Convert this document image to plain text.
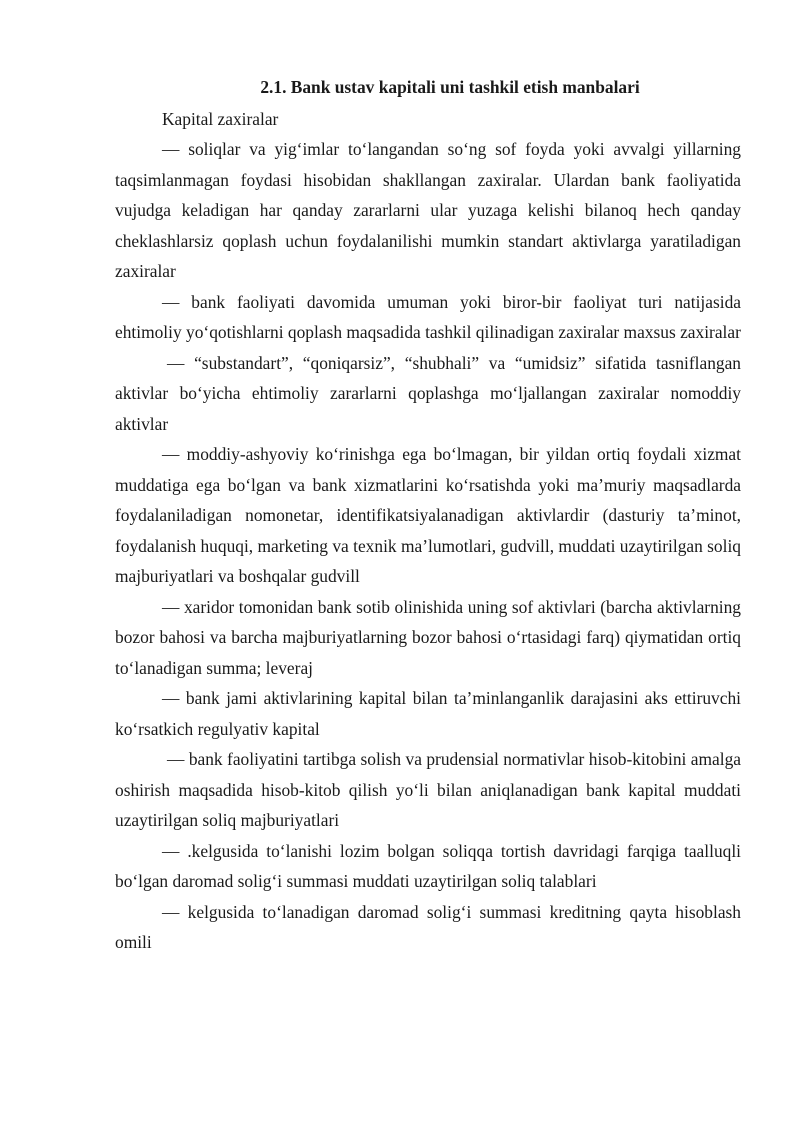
2.1. Bank ustav kapitali uni tashkil etish manbalari

Kapital zaxiralar

— soliqlar va yig‘imlar to‘langandan so‘ng sof foyda yoki avvalgi yillarning taqsimlanmagan foydasi hisobidan shakllangan zaxiralar. Ulardan bank faoliyatida vujudga keladigan har qanday zararlarni ular yuzaga kelishi bilanoq hech qanday cheklashlarsiz qoplash uchun foydalanilishi mumkin standart aktivlarga yaratiladigan zaxiralar

— bank faoliyati davomida umuman yoki biror-bir faoliyat turi natijasida ehtimoliy yo‘qotishlarni qoplash maqsadida tashkil qilinadigan zaxiralar maxsus zaxiralar

— “substandart”, “qoniqarsiz”, “shubhali” va “umidsiz” sifatida tasniflangan aktivlar bo‘yicha ehtimoliy zararlarni qoplashga mo‘ljallangan zaxiralar nomoddiy aktivlar

— moddiy-ashyoviy ko‘rinishga ega bo‘lmagan, bir yildan ortiq foydali xizmat muddatiga ega bo‘lgan va bank xizmatlarini ko‘rsatishda yoki ma’muriy maqsadlarda foydalaniladigan nomonetar, identifikatsiyalanadigan aktivlardir (dasturiy ta’minot, foydalanish huquqi, marketing va texnik ma’lumotlari, gudvill, muddati uzaytirilgan soliq majburiyatlari va boshqalar gudvill

— xaridor tomonidan bank sotib olinishida uning sof aktivlari (barcha aktivlarning bozor bahosi va barcha majburiyatlarning bozor bahosi o‘rtasidagi farq) qiymatidan ortiq to‘lanadigan summa; leveraj

— bank jami aktivlarining kapital bilan ta’minlanganlik darajasini aks ettiruvchi ko‘rsatkich regulyativ kapital

— bank faoliyatini tartibga solish va prudensial normativlar hisob-kitobini amalga oshirish maqsadida hisob-kitob qilish yo‘li bilan aniqlanadigan bank kapital muddati uzaytirilgan soliq majburiyatlari

— .kelgusida to‘lanishi lozim bolgan soliqqa tortish davridagi farqiga taalluqli bo‘lgan daromad solig‘i summasi muddati uzaytirilgan soliq talablari

— kelgusida to‘lanadigan daromad solig‘i summasi kreditning qayta hisoblash omili
